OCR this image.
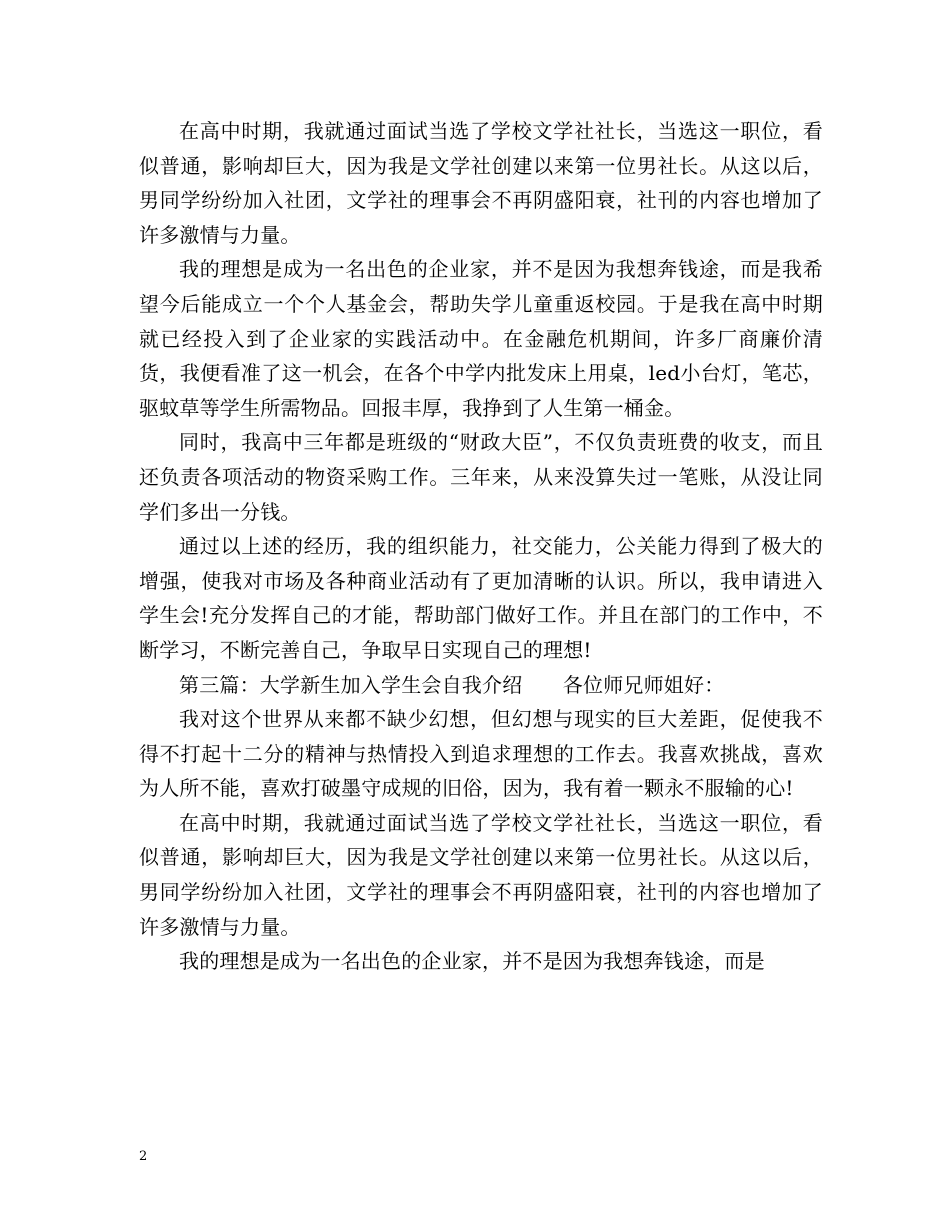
在高中时期，我就通过面试当选了学校文学社社长，当选这一职位，看似普通，影响却巨大，因为我是文学社创建以来第一位男社长。从这以后，男同学纷纷加入社团，文学社的理事会不再阴盛阳衰，社刊的内容也增加了许多激情与力量。

我的理想是成为一名出色的企业家，并不是因为我想奔钱途，而是我希望今后能成立一个个人基金会，帮助失学儿童重返校园。于是我在高中时期就已经投入到了企业家的实践活动中。在金融危机期间，许多厂商廉价清货，我便看准了这一机会，在各个中学内批发床上用桌，led小台灯，笔芯，驱蚊草等学生所需物品。回报丰厚，我挣到了人生第一桶金。

同时，我高中三年都是班级的“财政大臣”，不仅负责班费的收支，而且还负责各项活动的物资采购工作。三年来，从来没算失过一笔账，从没让同学们多出一分钱。

通过以上述的经历，我的组织能力，社交能力，公关能力得到了极大的增强，使我对市场及各种商业活动有了更加清晰的认识。所以，我申请进入学生会!充分发挥自己的才能，帮助部门做好工作。并且在部门的工作中，不断学习，不断完善自己，争取早日实现自己的理想!

第三篇：大学新生加入学生会自我介绍　　各位师兄师姐好：

我对这个世界从来都不缺少幻想，但幻想与现实的巨大差距，促使我不得不打起十二分的精神与热情投入到追求理想的工作去。我喜欢挑战，喜欢为人所不能，喜欢打破墨守成规的旧俗，因为，我有着一颗永不服输的心!

在高中时期，我就通过面试当选了学校文学社社长，当选这一职位，看似普通，影响却巨大，因为我是文学社创建以来第一位男社长。从这以后，男同学纷纷加入社团，文学社的理事会不再阴盛阳衰，社刊的内容也增加了许多激情与力量。

我的理想是成为一名出色的企业家，并不是因为我想奔钱途，而是

2
